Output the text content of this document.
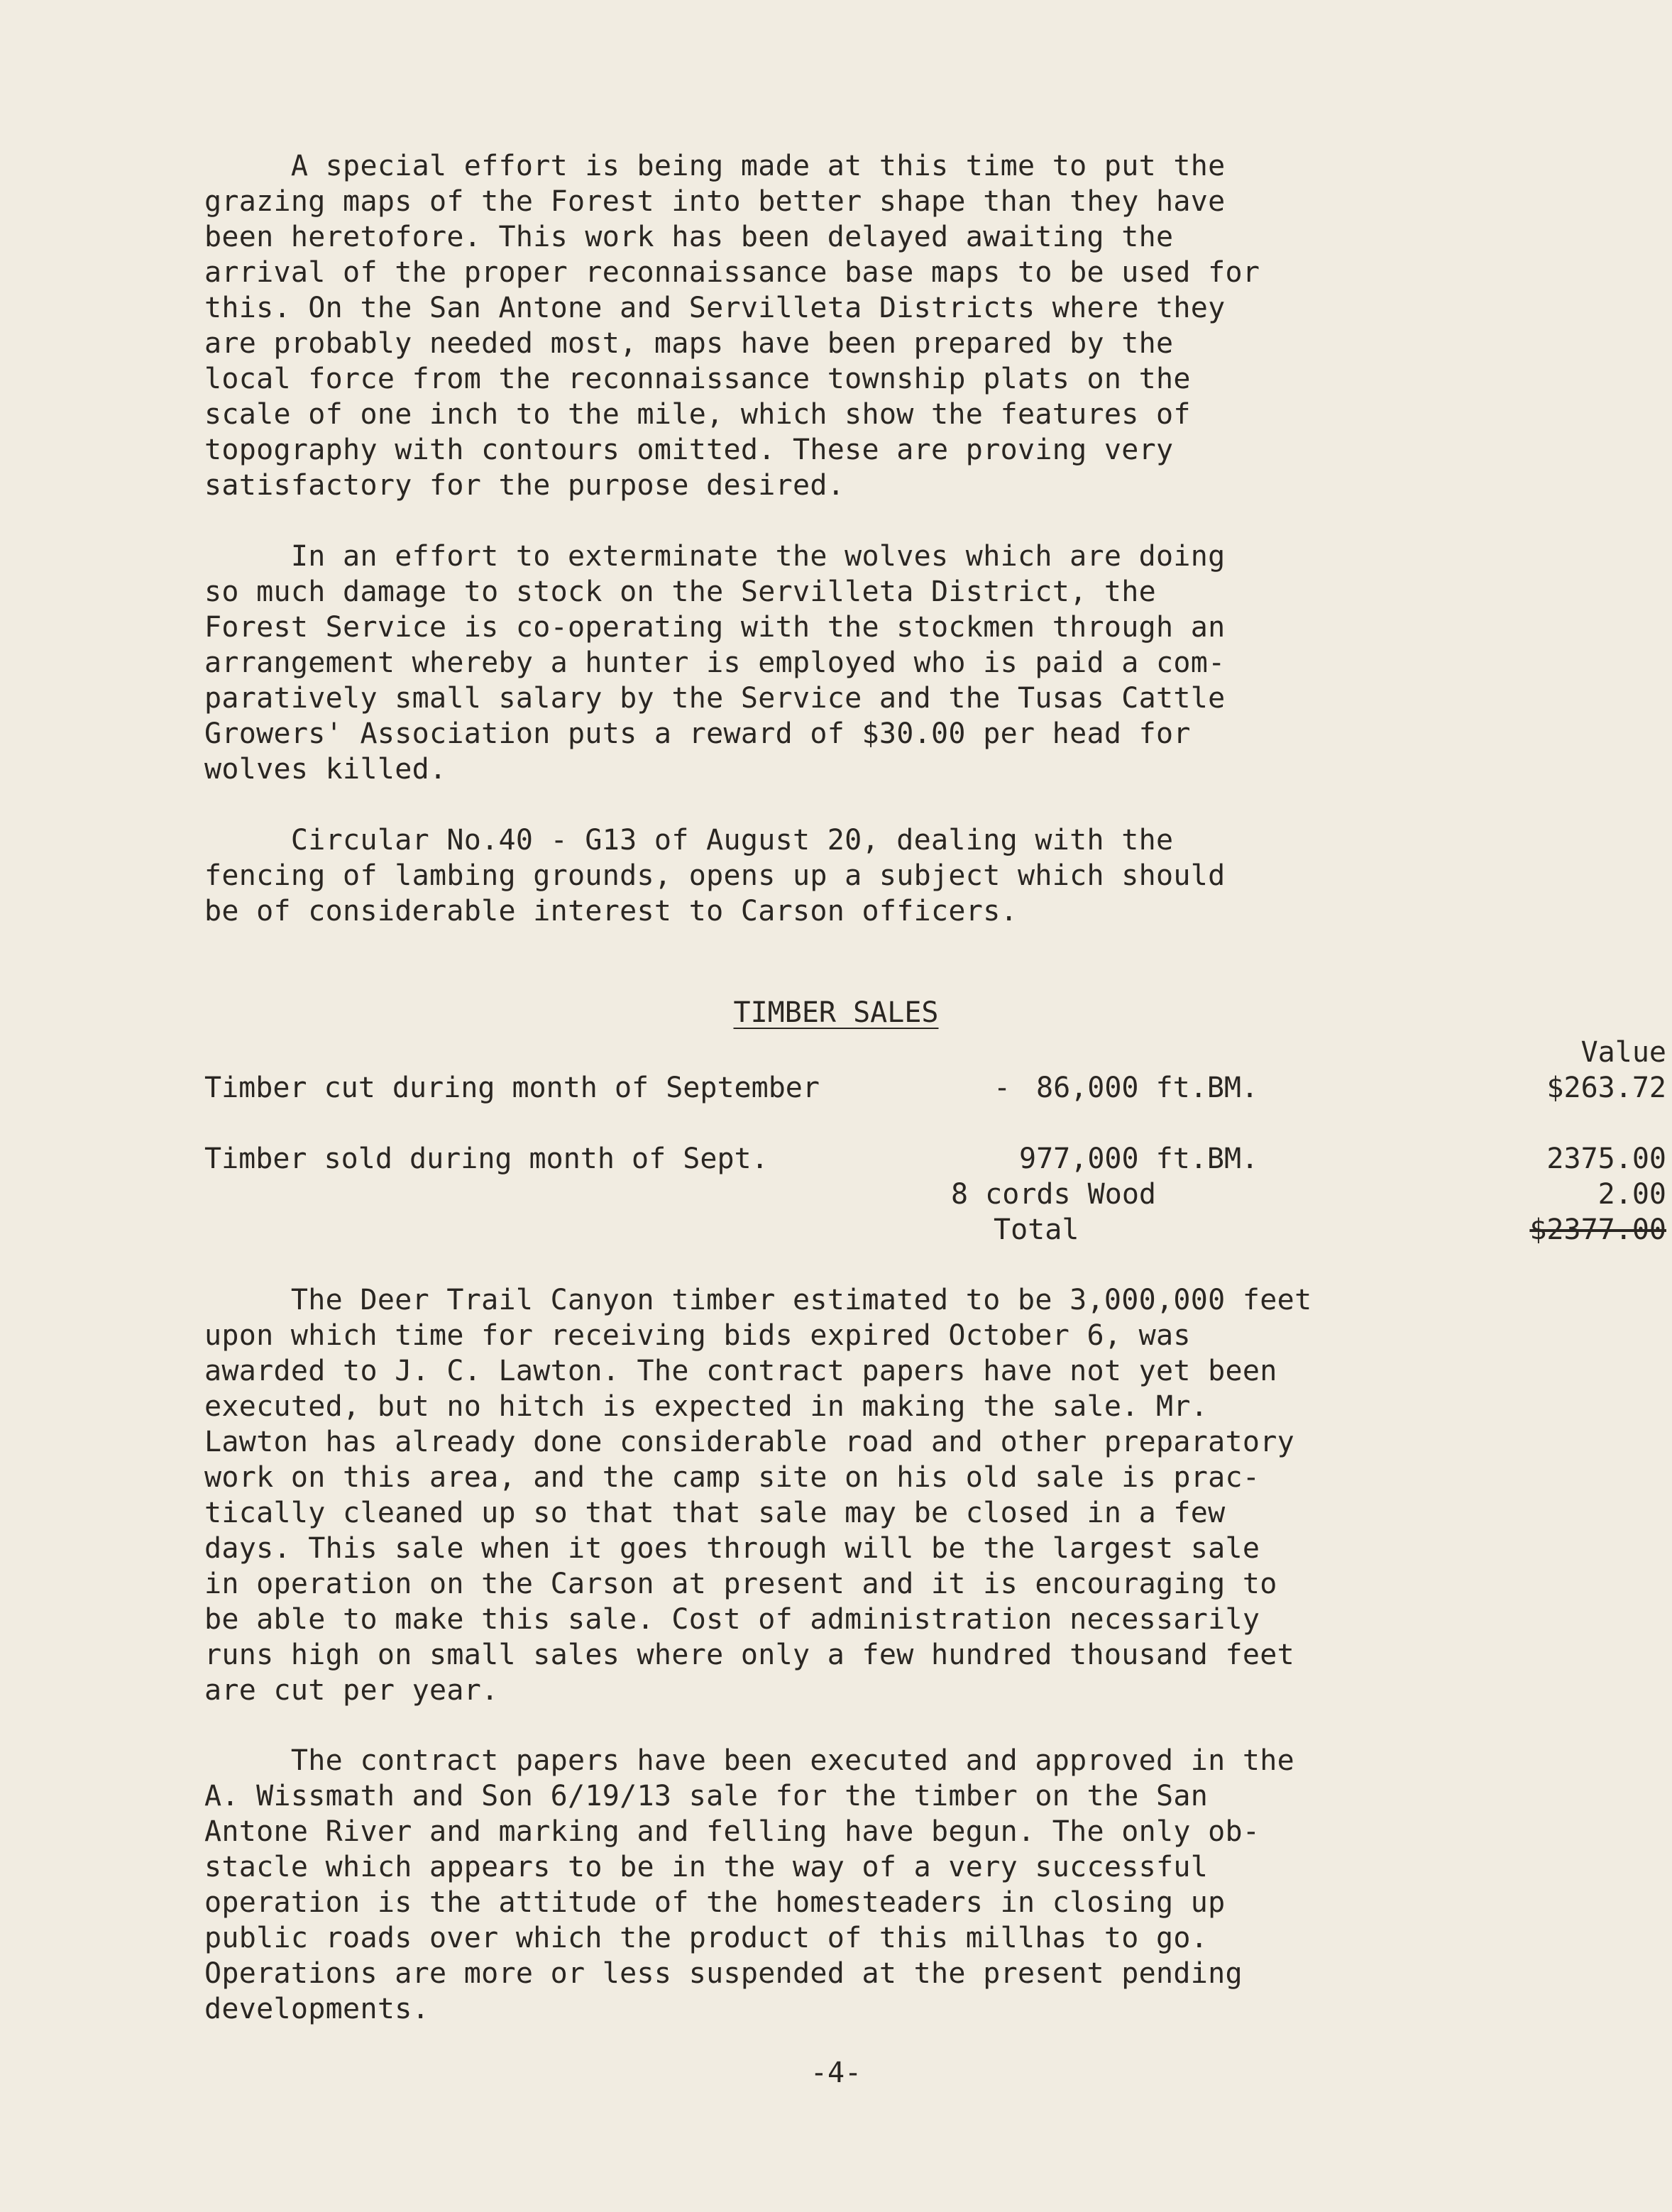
A special effort is being made at this time to put the
grazing maps of the Forest into better shape than they have
been heretofore. This work has been delayed awaiting the
arrival of the proper reconnaissance base maps to be used for
this. On the San Antone and Servilleta Districts where they
are probably needed most, maps have been prepared by the
local force from the reconnaissance township plats on the
scale of one inch to the mile, which show the features of
topography with contours omitted. These are proving very
satisfactory for the purpose desired.
In an effort to exterminate the wolves which are doing
so much damage to stock on the Servilleta District, the
Forest Service is co-operating with the stockmen through an
arrangement whereby a hunter is employed who is paid a com-
paratively small salary by the Service and the Tusas Cattle
Growers' Association puts a reward of $30.00 per head for
wolves killed.
Circular No.40 - G13 of August 20, dealing with the
fencing of lambing grounds, opens up a subject which should
be of considerable interest to Carson officers.
TIMBER SALES
Value
Timber cut during month of September	- 86,000 ft.BM.	$263.72
Timber sold during month of Sept.	977,000 ft.BM.	2375.00
8 cords Wood	2.00
Total	$2377.00
The Deer Trail Canyon timber estimated to be 3,000,000 feet
upon which time for receiving bids expired October 6, was
awarded to J. C. Lawton. The contract papers have not yet been
executed, but no hitch is expected in making the sale. Mr.
Lawton has already done considerable road and other preparatory
work on this area, and the camp site on his old sale is prac-
tically cleaned up so that that sale may be closed in a few
days. This sale when it goes through will be the largest sale
in operation on the Carson at present and it is encouraging to
be able to make this sale. Cost of administration necessarily
runs high on small sales where only a few hundred thousand feet
are cut per year.
The contract papers have been executed and approved in the
A. Wissmath and Son 6/19/13 sale for the timber on the San
Antone River and marking and felling have begun. The only ob-
stacle which appears to be in the way of a very successful
operation is the attitude of the homesteaders in closing up
public roads over which the product of this millhas to go.
Operations are more or less suspended at the present pending
developments.
-4-
